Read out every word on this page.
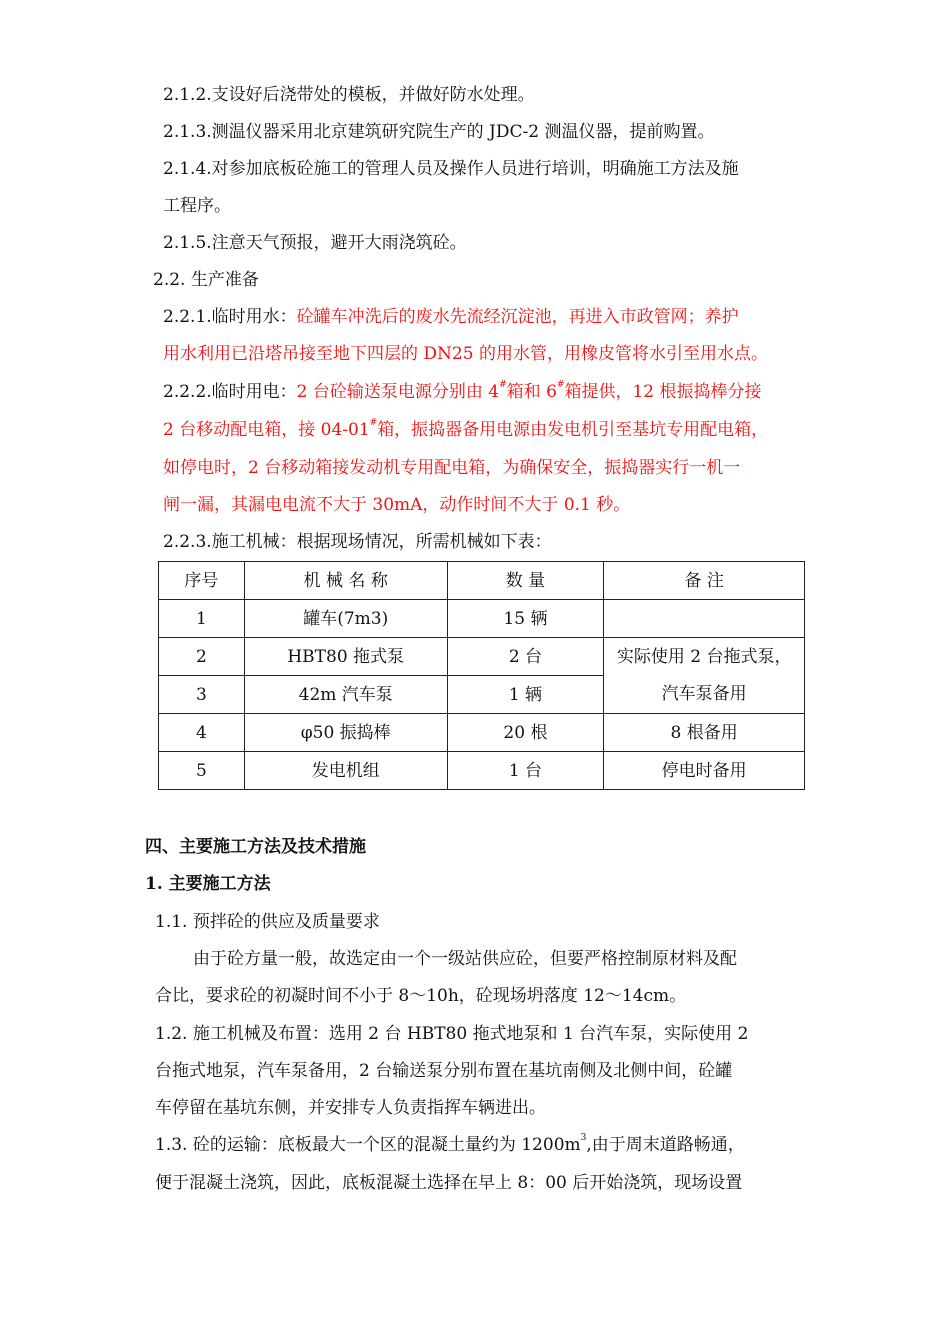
2.1.2.支设好后浇带处的模板，并做好防水处理。
2.1.3.测温仪器采用北京建筑研究院生产的 JDC-2 测温仪器，提前购置。
2.1.4.对参加底板砼施工的管理人员及操作人员进行培训，明确施工方法及施
工程序。
2.1.5.注意天气预报，避开大雨浇筑砼。
2.2. 生产准备
2.2.1.临时用水：砼罐车冲洗后的废水先流经沉淀池，再进入市政管网；养护
用水利用已沿塔吊接至地下四层的 DN25 的用水管，用橡皮管将水引至用水点。
2.2.2.临时用电：2 台砼输送泵电源分别由 4#箱和 6#箱提供，12 根振捣棒分接
2 台移动配电箱，接 04-01#箱，振捣器备用电源由发电机引至基坑专用配电箱，
如停电时，2 台移动箱接发动机专用配电箱，为确保安全，振捣器实行一机一
闸一漏，其漏电电流不大于 30mA，动作时间不大于 0.1 秒。
2.2.3.施工机械：根据现场情况，所需机械如下表：
序号	机 械 名 称	数 量	备 注
1	罐车(7m3)	15 辆	
2	HBT80 拖式泵	2 台	实际使用 2 台拖式泵，
汽车泵备用

3	42m 汽车泵	1 辆	
4	φ50 振捣棒	20 根	8 根备用
5	发电机组	1 台	停电时备用
四、主要施工方法及技术措施
1. 主要施工方法
1.1. 预拌砼的供应及质量要求
由于砼方量一般，故选定由一个一级站供应砼，但要严格控制原材料及配
合比，要求砼的初凝时间不小于 8～10h，砼现场坍落度 12～14cm。
1.2. 施工机械及布置：选用 2 台 HBT80 拖式地泵和 1 台汽车泵，实际使用 2
台拖式地泵，汽车泵备用，2 台输送泵分别布置在基坑南侧及北侧中间，砼罐
车停留在基坑东侧，并安排专人负责指挥车辆进出。
1.3. 砼的运输：底板最大一个区的混凝土量约为 $1200m^3$,由于周末道路畅通，
便于混凝土浇筑，因此，底板混凝土选择在早上 8：00 后开始浇筑，现场设置
